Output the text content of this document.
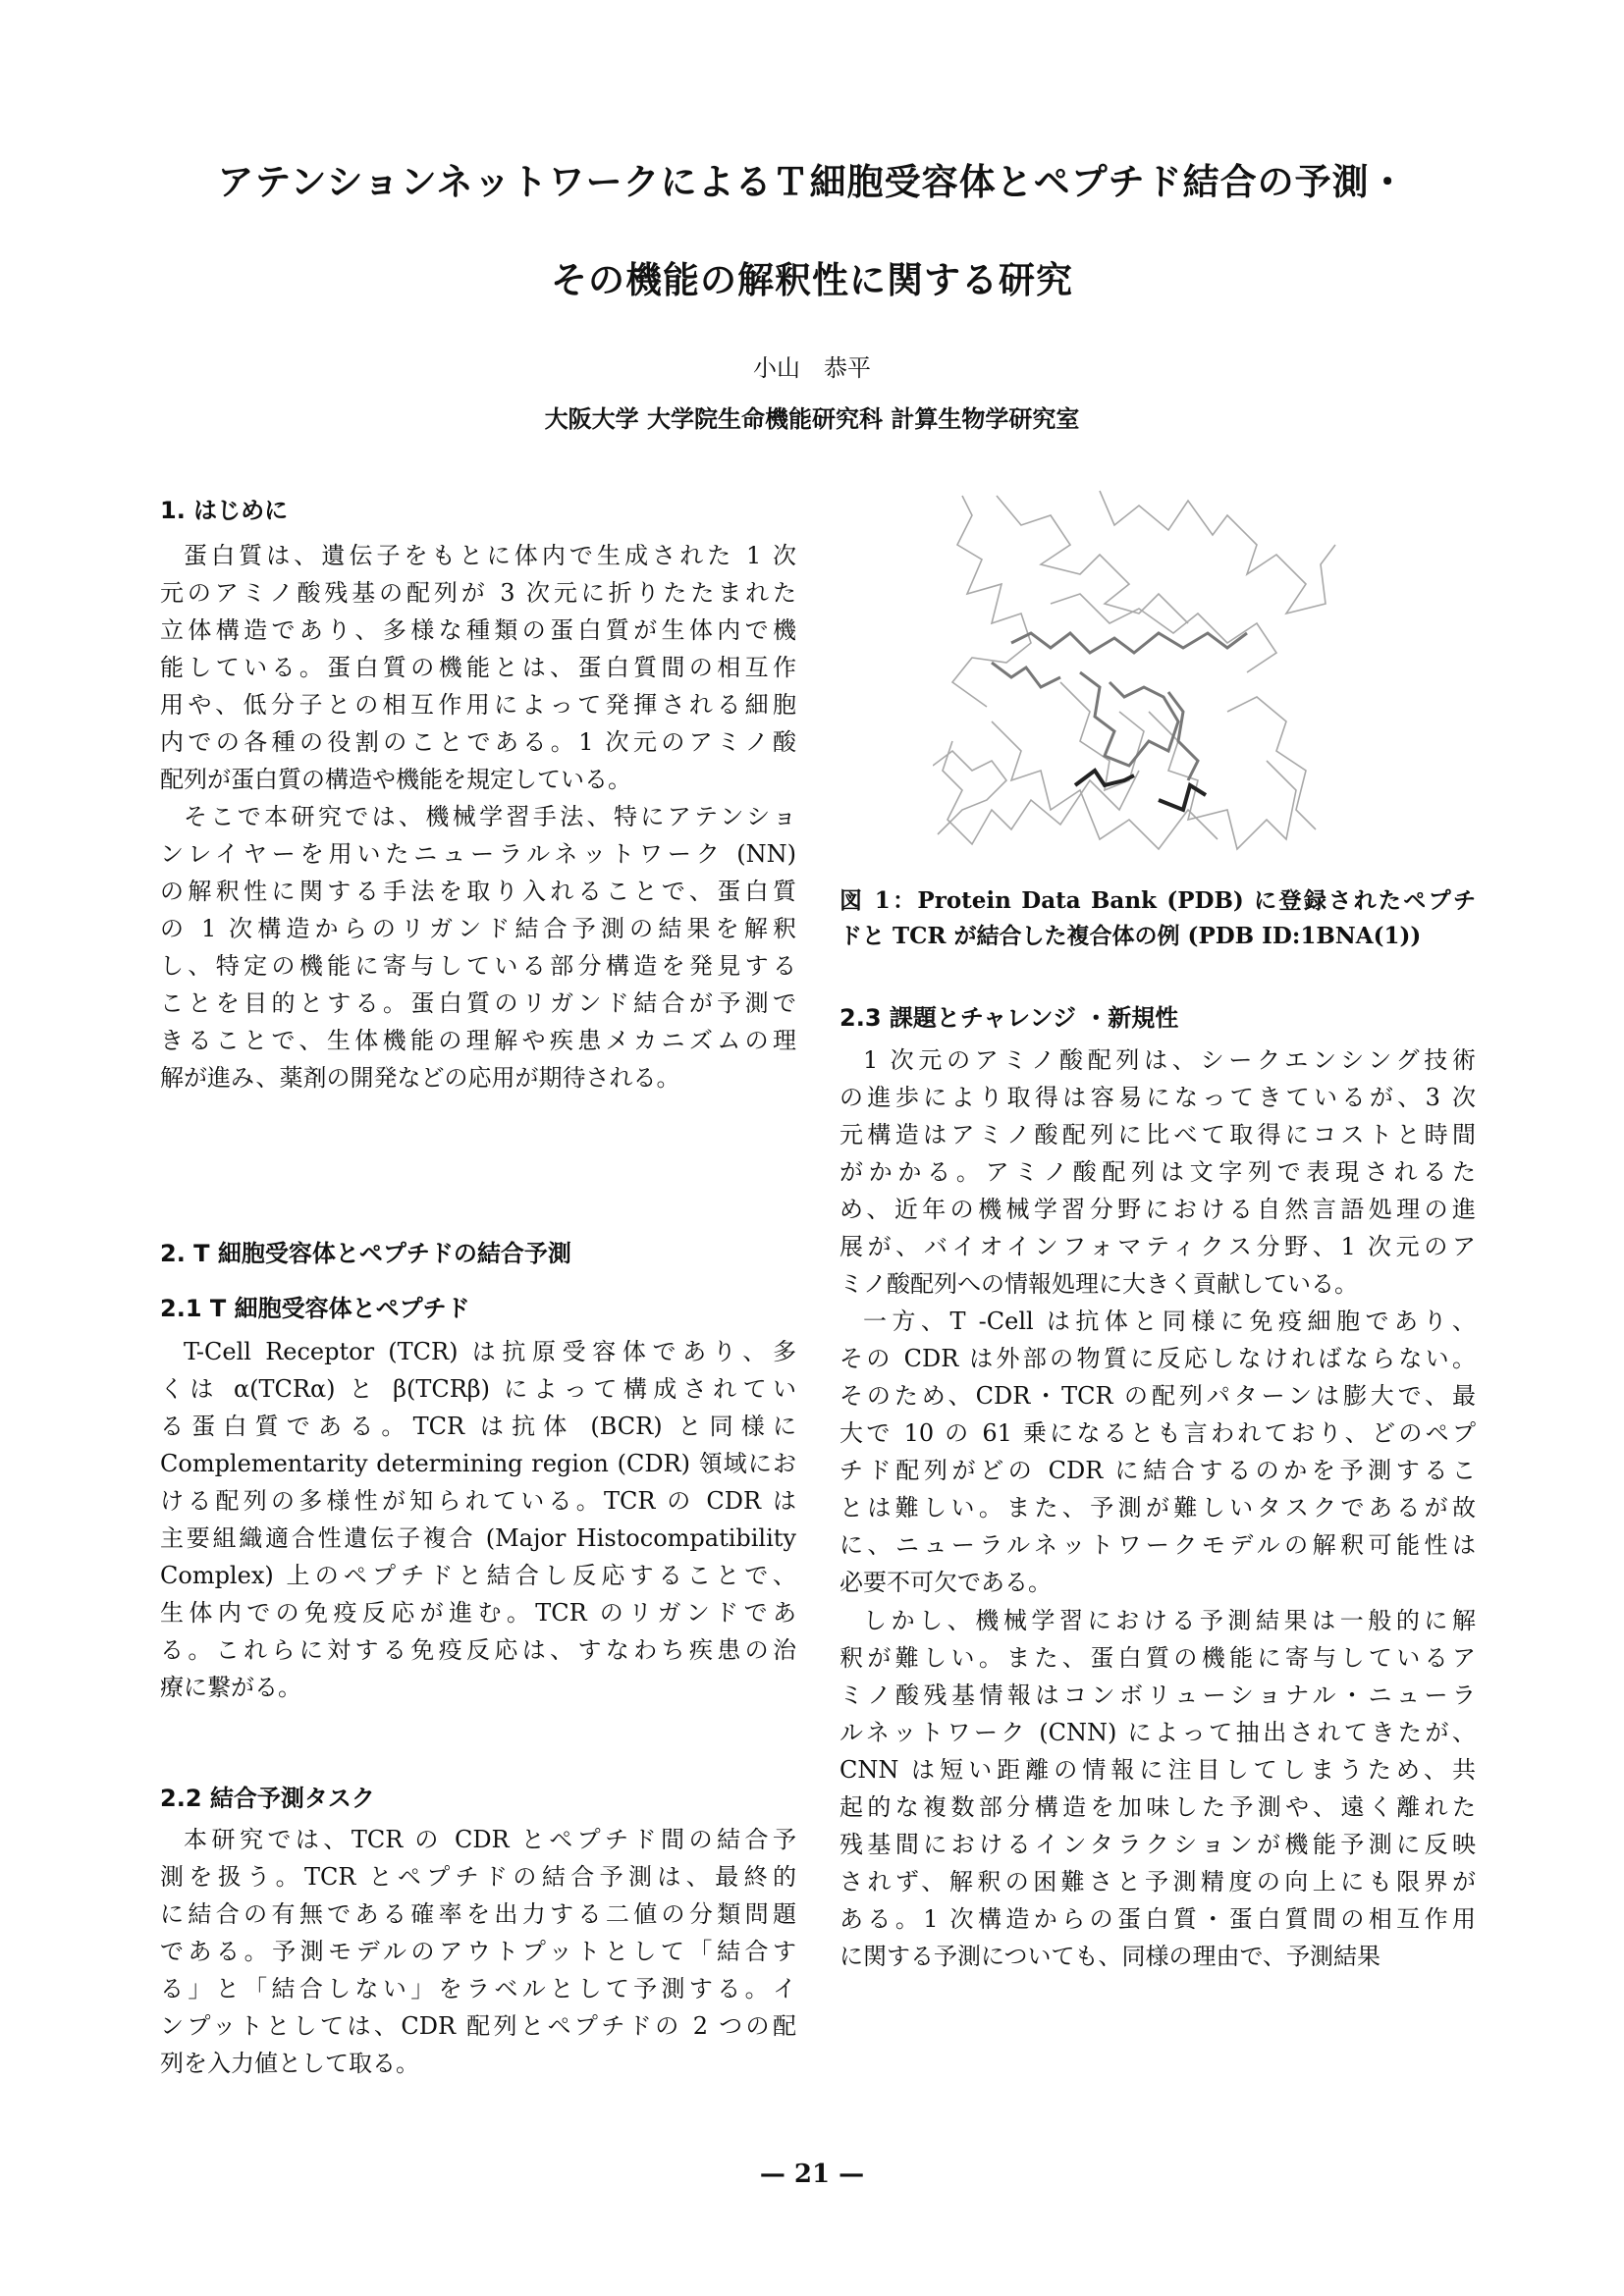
アテンションネットワークによるＴ細胞受容体とペプチド結合の予測・
その機能の解釈性に関する研究
小山　恭平
大阪大学 大学院生命機能研究科 計算生物学研究室
1. はじめに
蛋白質は、遺伝子をもとに体内で生成された 1 次
元のアミノ酸残基の配列が 3 次元に折りたたまれた
立体構造であり、多様な種類の蛋白質が生体内で機
能している。蛋白質の機能とは、蛋白質間の相互作
用や、低分子との相互作用によって発揮される細胞
内での各種の役割のことである。1 次元のアミノ酸
配列が蛋白質の構造や機能を規定している。
そこで本研究では、機械学習手法、特にアテンショ
ンレイヤーを用いたニューラルネットワーク (NN)
の解釈性に関する手法を取り入れることで、蛋白質
の 1 次構造からのリガンド結合予測の結果を解釈
し、特定の機能に寄与している部分構造を発見する
ことを目的とする。蛋白質のリガンド結合が予測で
きることで、生体機能の理解や疾患メカニズムの理
解が進み、薬剤の開発などの応用が期待される。
2. T 細胞受容体とペプチドの結合予測
2.1 T 細胞受容体とペプチド
T-Cell Receptor (TCR) は抗原受容体であり、多
くは α(TCRα) と β(TCRβ) によって構成されてい
る蛋白質である。TCR は抗体 (BCR) と同様に
Complementarity determining region (CDR) 領域にお
ける配列の多様性が知られている。TCR の CDR は
主要組織適合性遺伝子複合 (Major Histocompatibility
Complex) 上のペプチドと結合し反応することで、
生体内での免疫反応が進む。TCR のリガンドであ
る。これらに対する免疫反応は、すなわち疾患の治
療に繋がる。
2.2 結合予測タスク
本研究では、TCR の CDR とペプチド間の結合予
測を扱う。TCR とペプチドの結合予測は、最終的
に結合の有無である確率を出力する二値の分類問題
である。予測モデルのアウトプットとして「結合す
る」と「結合しない」をラベルとして予測する。イ
ンプットとしては、CDR 配列とペプチドの 2 つの配
列を入力値として取る。
図 1：Protein Data Bank (PDB) に登録されたペプチ
ドと TCR が結合した複合体の例 (PDB ID:1BNA(1))
2.3 課題とチャレンジ ・新規性
1 次元のアミノ酸配列は、シークエンシング技術
の進歩により取得は容易になってきているが、3 次
元構造はアミノ酸配列に比べて取得にコストと時間
がかかる。アミノ酸配列は文字列で表現されるた
め、近年の機械学習分野における自然言語処理の進
展が、バイオインフォマティクス分野、1 次元のア
ミノ酸配列への情報処理に大きく貢献している。
一方、T -Cell は抗体と同様に免疫細胞であり、
その CDR は外部の物質に反応しなければならない。
そのため、CDR・TCR の配列パターンは膨大で、最
大で 10 の 61 乗になるとも言われており、どのペプ
チド配列がどの CDR に結合するのかを予測するこ
とは難しい。また、予測が難しいタスクであるが故
に、ニューラルネットワークモデルの解釈可能性は
必要不可欠である。
しかし、機械学習における予測結果は一般的に解
釈が難しい。また、蛋白質の機能に寄与しているア
ミノ酸残基情報はコンボリューショナル・ニューラ
ルネットワーク (CNN) によって抽出されてきたが、
CNN は短い距離の情報に注目してしまうため、共
起的な複数部分構造を加味した予測や、遠く離れた
残基間におけるインタラクションが機能予測に反映
されず、解釈の困難さと予測精度の向上にも限界が
ある。1 次構造からの蛋白質・蛋白質間の相互作用
に関する予測についても、同様の理由で、予測結果
— 21 —
